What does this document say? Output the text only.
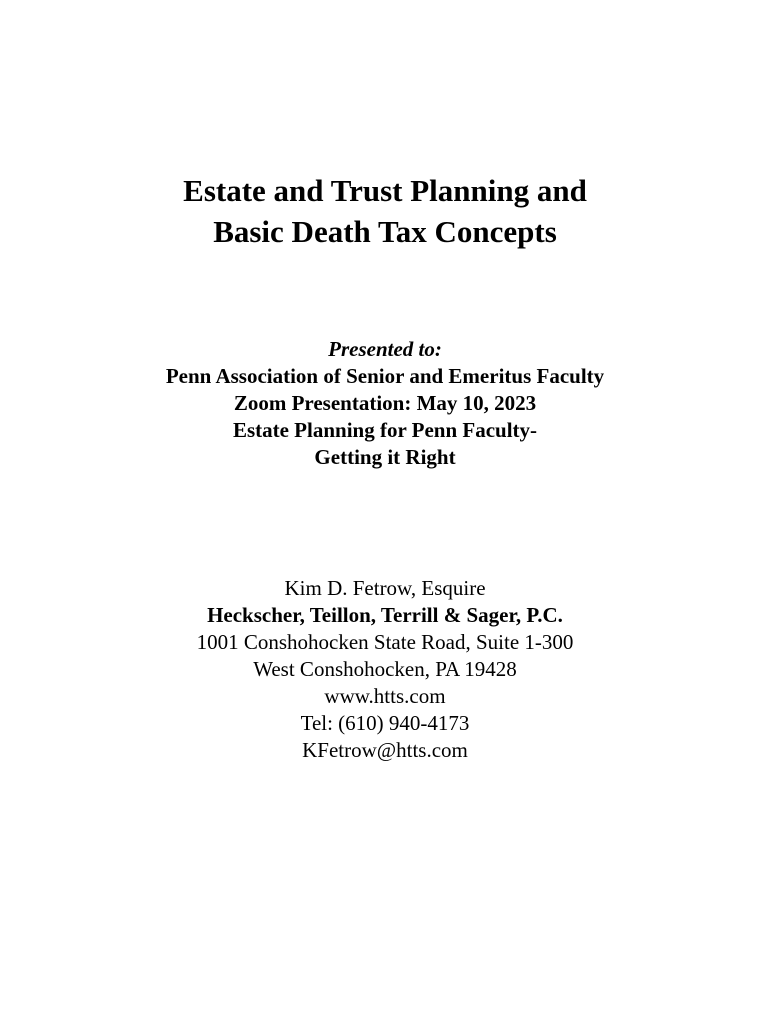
Estate and Trust Planning and
Basic Death Tax Concepts
Presented to:
Penn Association of Senior and Emeritus Faculty
Zoom Presentation: May 10, 2023
Estate Planning for Penn Faculty-
Getting it Right
Kim D. Fetrow, Esquire
Heckscher, Teillon, Terrill & Sager, P.C.
1001 Conshohocken State Road, Suite 1-300
West Conshohocken, PA 19428
www.htts.com
Tel: (610) 940-4173
KFetrow@htts.com
